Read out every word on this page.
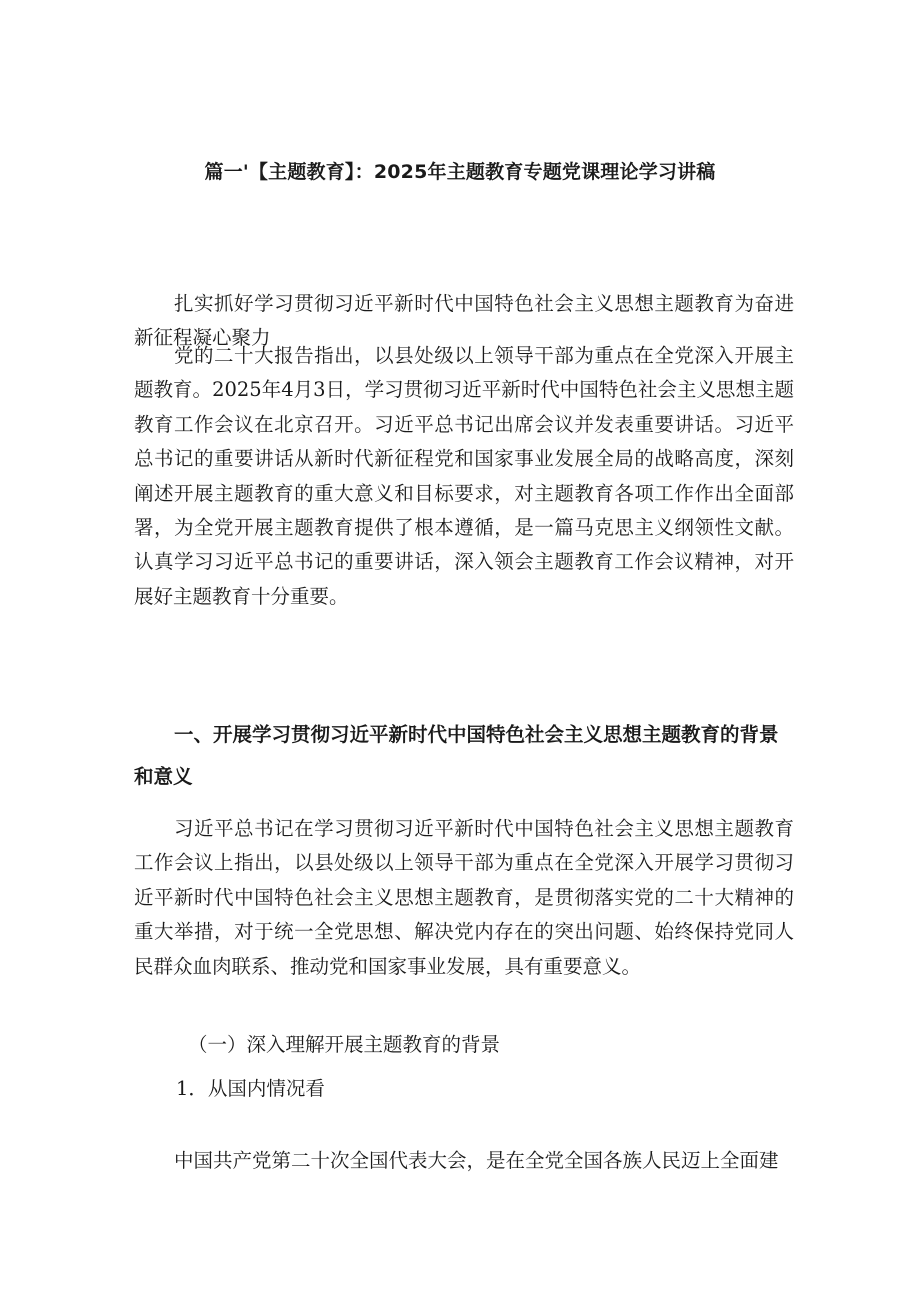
篇一'【主题教育】：2025年主题教育专题党课理论学习讲稿

扎实抓好学习贯彻习近平新时代中国特色社会主义思想主题教育为奋进新征程凝心聚力

党的二十大报告指出，以县处级以上领导干部为重点在全党深入开展主题教育。2025年4月3日，学习贯彻习近平新时代中国特色社会主义思想主题教育工作会议在北京召开。习近平总书记出席会议并发表重要讲话。习近平总书记的重要讲话从新时代新征程党和国家事业发展全局的战略高度，深刻阐述开展主题教育的重大意义和目标要求，对主题教育各项工作作出全面部署，为全党开展主题教育提供了根本遵循，是一篇马克思主义纲领性文献。认真学习习近平总书记的重要讲话，深入领会主题教育工作会议精神，对开展好主题教育十分重要。

一、开展学习贯彻习近平新时代中国特色社会主义思想主题教育的背景和意义

习近平总书记在学习贯彻习近平新时代中国特色社会主义思想主题教育工作会议上指出，以县处级以上领导干部为重点在全党深入开展学习贯彻习近平新时代中国特色社会主义思想主题教育，是贯彻落实党的二十大精神的重大举措，对于统一全党思想、解决党内存在的突出问题、始终保持党同人民群众血肉联系、推动党和国家事业发展，具有重要意义。

（一）深入理解开展主题教育的背景

1．从国内情况看

中国共产党第二十次全国代表大会，是在全党全国各族人民迈上全面建
